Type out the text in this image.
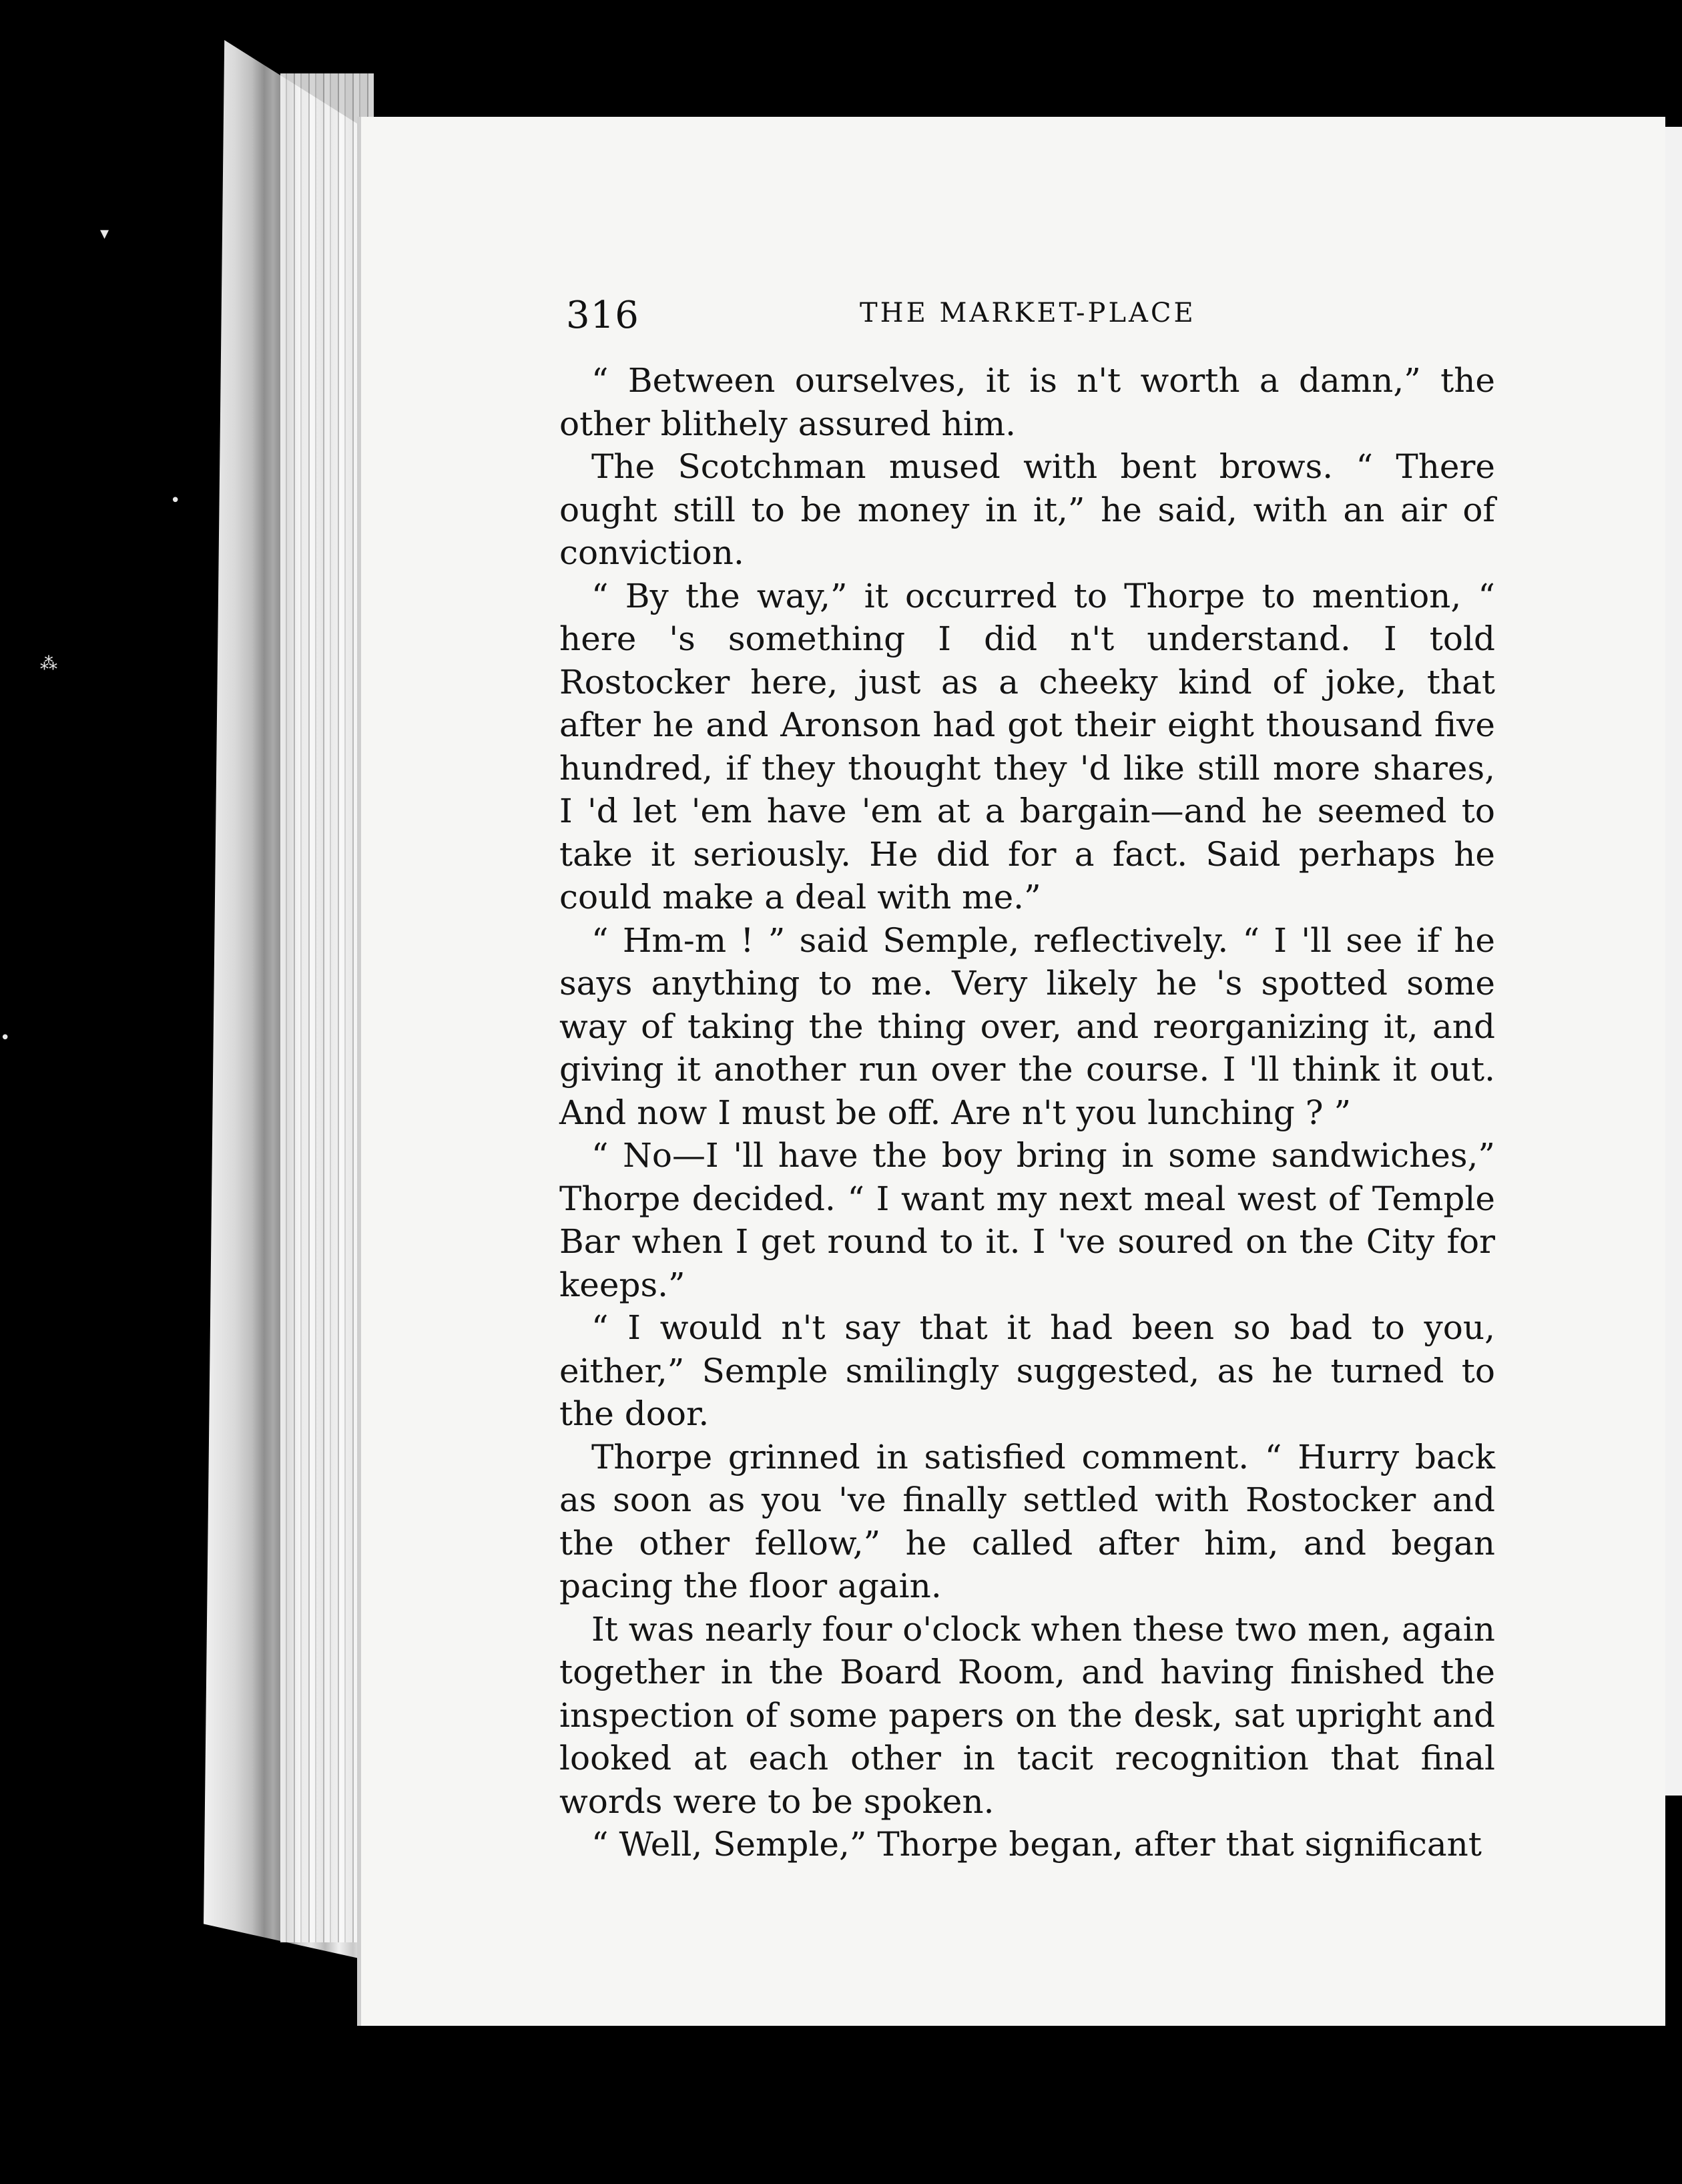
316	THE MARKET-PLACE

“ Between ourselves, it is n't worth a damn,” the other blithely assured him.

The Scotchman mused with bent brows. “ There ought still to be money in it,” he said, with an air of conviction.

“ By the way,” it occurred to Thorpe to mention, “ here 's something I did n't understand. I told Rostocker here, just as a cheeky kind of joke, that after he and Aronson had got their eight thousand five hundred, if they thought they 'd like still more shares, I 'd let 'em have 'em at a bargain—and he seemed to take it seriously. He did for a fact. Said perhaps he could make a deal with me.”

“ Hm-m ! ” said Semple, reflectively. “ I 'll see if he says anything to me. Very likely he 's spotted some way of taking the thing over, and reorganizing it, and giving it another run over the course. I 'll think it out. And now I must be off. Are n't you lunching ? ”

“ No—I 'll have the boy bring in some sandwiches,” Thorpe decided. “ I want my next meal west of Temple Bar when I get round to it. I 've soured on the City for keeps.”

“ I would n't say that it had been so bad to you, either,” Semple smilingly suggested, as he turned to the door.

Thorpe grinned in satisfied comment. “ Hurry back as soon as you 've finally settled with Rostocker and the other fellow,” he called after him, and began pacing the floor again.

It was nearly four o'clock when these two men, again together in the Board Room, and having finished the inspection of some papers on the desk, sat upright and looked at each other in tacit recognition that final words were to be spoken.

“ Well, Semple,” Thorpe began, after that significant

▾
•
⁂
•
